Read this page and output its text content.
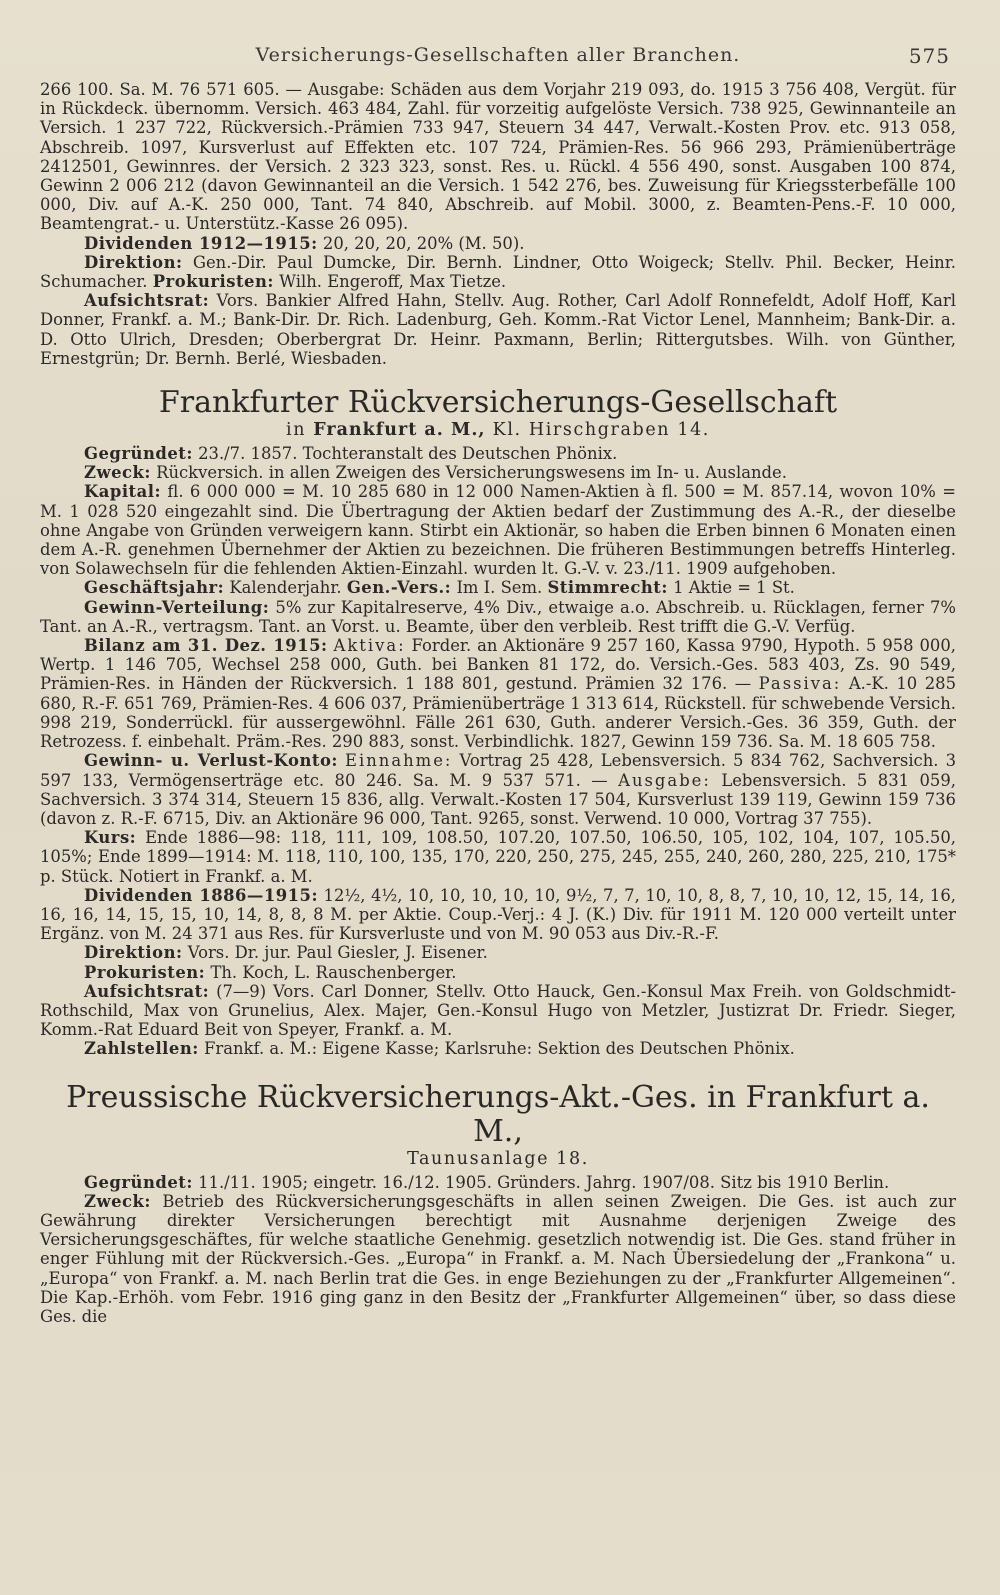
Versicherungs-Gesellschaften aller Branchen.	575

266 100. Sa. M. 76 571 605. — Ausgabe: Schäden aus dem Vorjahr 219 093, do. 1915 3 756 408, Vergüt. für in Rückdeck. übernomm. Versich. 463 484, Zahl. für vorzeitig aufgelöste Versich. 738 925, Gewinnanteile an Versich. 1 237 722, Rückversich.-Prämien 733 947, Steuern 34 447, Verwalt.-Kosten Prov. etc. 913 058, Abschreib. 1097, Kursverlust auf Effekten etc. 107 724, Prämien-Res. 56 966 293, Prämienüberträge 2412501, Gewinnres. der Versich. 2 323 323, sonst. Res. u. Rückl. 4 556 490, sonst. Ausgaben 100 874, Gewinn 2 006 212 (davon Gewinnanteil an die Versich. 1 542 276, bes. Zuweisung für Kriegssterbefälle 100 000, Div. auf A.-K. 250 000, Tant. 74 840, Abschreib. auf Mobil. 3000, z. Beamten-Pens.-F. 10 000, Beamtengrat.- u. Unterstütz.-Kasse 26 095).

Dividenden 1912—1915: 20, 20, 20, 20% (M. 50).

Direktion: Gen.-Dir. Paul Dumcke, Dir. Bernh. Lindner, Otto Woigeck; Stellv. Phil. Becker, Heinr. Schumacher. Prokuristen: Wilh. Engeroff, Max Tietze.

Aufsichtsrat: Vors. Bankier Alfred Hahn, Stellv. Aug. Rother, Carl Adolf Ronnefeldt, Adolf Hoff, Karl Donner, Frankf. a. M.; Bank-Dir. Dr. Rich. Ladenburg, Geh. Komm.-Rat Victor Lenel, Mannheim; Bank-Dir. a. D. Otto Ulrich, Dresden; Oberbergrat Dr. Heinr. Paxmann, Berlin; Rittergutsbes. Wilh. von Günther, Ernestgrün; Dr. Bernh. Berlé, Wiesbaden.

Frankfurter Rückversicherungs-Gesellschaft
in Frankfurt a. M., Kl. Hirschgraben 14.

Gegründet: 23./7. 1857. Tochteranstalt des Deutschen Phönix.

Zweck: Rückversich. in allen Zweigen des Versicherungswesens im In- u. Auslande.

Kapital: fl. 6 000 000 = M. 10 285 680 in 12 000 Namen-Aktien à fl. 500 = M. 857.14, wovon 10% = M. 1 028 520 eingezahlt sind. Die Übertragung der Aktien bedarf der Zustimmung des A.-R., der dieselbe ohne Angabe von Gründen verweigern kann. Stirbt ein Aktionär, so haben die Erben binnen 6 Monaten einen dem A.-R. genehmen Übernehmer der Aktien zu bezeichnen. Die früheren Bestimmungen betreffs Hinterleg. von Solawechseln für die fehlenden Aktien-Einzahl. wurden lt. G.-V. v. 23./11. 1909 aufgehoben.

Geschäftsjahr: Kalenderjahr. Gen.-Vers.: Im I. Sem. Stimmrecht: 1 Aktie = 1 St.

Gewinn-Verteilung: 5% zur Kapitalreserve, 4% Div., etwaige a.o. Abschreib. u. Rücklagen, ferner 7% Tant. an A.-R., vertragsm. Tant. an Vorst. u. Beamte, über den verbleib. Rest trifft die G.-V. Verfüg.

Bilanz am 31. Dez. 1915: Aktiva: Forder. an Aktionäre 9 257 160, Kassa 9790, Hypoth. 5 958 000, Wertp. 1 146 705, Wechsel 258 000, Guth. bei Banken 81 172, do. Versich.-Ges. 583 403, Zs. 90 549, Prämien-Res. in Händen der Rückversich. 1 188 801, gestund. Prämien 32 176. — Passiva: A.-K. 10 285 680, R.-F. 651 769, Prämien-Res. 4 606 037, Prämienüberträge 1 313 614, Rückstell. für schwebende Versich. 998 219, Sonderrückl. für aussergewöhnl. Fälle 261 630, Guth. anderer Versich.-Ges. 36 359, Guth. der Retrozess. f. einbehalt. Präm.-Res. 290 883, sonst. Verbindlichk. 1827, Gewinn 159 736. Sa. M. 18 605 758.

Gewinn- u. Verlust-Konto: Einnahme: Vortrag 25 428, Lebensversich. 5 834 762, Sachversich. 3 597 133, Vermögenserträge etc. 80 246. Sa. M. 9 537 571. — Ausgabe: Lebensversich. 5 831 059, Sachversich. 3 374 314, Steuern 15 836, allg. Verwalt.-Kosten 17 504, Kursverlust 139 119, Gewinn 159 736 (davon z. R.-F. 6715, Div. an Aktionäre 96 000, Tant. 9265, sonst. Verwend. 10 000, Vortrag 37 755).

Kurs: Ende 1886—98: 118, 111, 109, 108.50, 107.20, 107.50, 106.50, 105, 102, 104, 107, 105.50, 105%; Ende 1899—1914: M. 118, 110, 100, 135, 170, 220, 250, 275, 245, 255, 240, 260, 280, 225, 210, 175* p. Stück. Notiert in Frankf. a. M.

Dividenden 1886—1915: 12½, 4½, 10, 10, 10, 10, 10, 9½, 7, 7, 10, 10, 8, 8, 7, 10, 10, 12, 15, 14, 16, 16, 16, 14, 15, 15, 10, 14, 8, 8, 8 M. per Aktie. Coup.-Verj.: 4 J. (K.) Div. für 1911 M. 120 000 verteilt unter Ergänz. von M. 24 371 aus Res. für Kursverluste und von M. 90 053 aus Div.-R.-F.

Direktion: Vors. Dr. jur. Paul Giesler, J. Eisener.

Prokuristen: Th. Koch, L. Rauschenberger.

Aufsichtsrat: (7—9) Vors. Carl Donner, Stellv. Otto Hauck, Gen.-Konsul Max Freih. von Goldschmidt-Rothschild, Max von Grunelius, Alex. Majer, Gen.-Konsul Hugo von Metzler, Justizrat Dr. Friedr. Sieger, Komm.-Rat Eduard Beit von Speyer, Frankf. a. M.

Zahlstellen: Frankf. a. M.: Eigene Kasse; Karlsruhe: Sektion des Deutschen Phönix.

Preussische Rückversicherungs-Akt.-Ges. in Frankfurt a. M.,
Taunusanlage 18.

Gegründet: 11./11. 1905; eingetr. 16./12. 1905. Gründers. Jahrg. 1907/08. Sitz bis 1910 Berlin.

Zweck: Betrieb des Rückversicherungsgeschäfts in allen seinen Zweigen. Die Ges. ist auch zur Gewährung direkter Versicherungen berechtigt mit Ausnahme derjenigen Zweige des Versicherungsgeschäftes, für welche staatliche Genehmig. gesetzlich notwendig ist. Die Ges. stand früher in enger Fühlung mit der Rückversich.-Ges. „Europa“ in Frankf. a. M. Nach Übersiedelung der „Frankona“ u. „Europa“ von Frankf. a. M. nach Berlin trat die Ges. in enge Beziehungen zu der „Frankfurter Allgemeinen“. Die Kap.-Erhöh. vom Febr. 1916 ging ganz in den Besitz der „Frankfurter Allgemeinen“ über, so dass diese Ges. die
